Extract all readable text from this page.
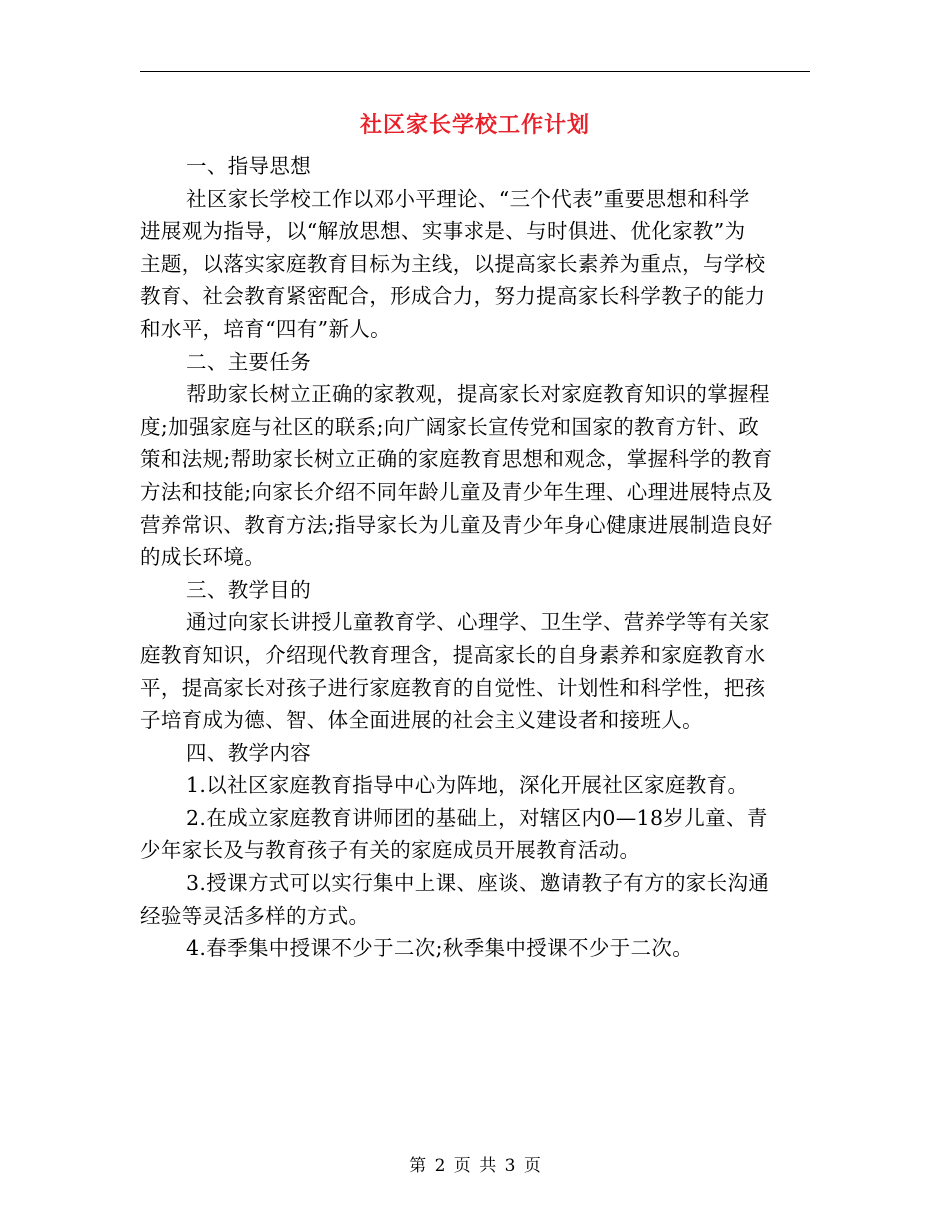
社区家长学校工作计划
一、指导思想
社区家长学校工作以邓小平理论、“三个代表”重要思想和科学
进展观为指导，以“解放思想、实事求是、与时俱进、优化家教”为
主题，以落实家庭教育目标为主线，以提高家长素养为重点，与学校
教育、社会教育紧密配合，形成合力，努力提高家长科学教子的能力
和水平，培育“四有”新人。
二、主要任务
帮助家长树立正确的家教观，提高家长对家庭教育知识的掌握程
度;加强家庭与社区的联系;向广阔家长宣传党和国家的教育方针、政
策和法规;帮助家长树立正确的家庭教育思想和观念，掌握科学的教育
方法和技能;向家长介绍不同年龄儿童及青少年生理、心理进展特点及
营养常识、教育方法;指导家长为儿童及青少年身心健康进展制造良好
的成长环境。
三、教学目的
通过向家长讲授儿童教育学、心理学、卫生学、营养学等有关家
庭教育知识，介绍现代教育理含，提高家长的自身素养和家庭教育水
平，提高家长对孩子进行家庭教育的自觉性、计划性和科学性，把孩
子培育成为德、智、体全面进展的社会主义建设者和接班人。
四、教学内容
1.以社区家庭教育指导中心为阵地，深化开展社区家庭教育。
2.在成立家庭教育讲师团的基础上，对辖区内0—18岁儿童、青
少年家长及与教育孩子有关的家庭成员开展教育活动。
3.授课方式可以实行集中上课、座谈、邀请教子有方的家长沟通
经验等灵活多样的方式。
4.春季集中授课不少于二次;秋季集中授课不少于二次。
第 2 页 共 3 页
